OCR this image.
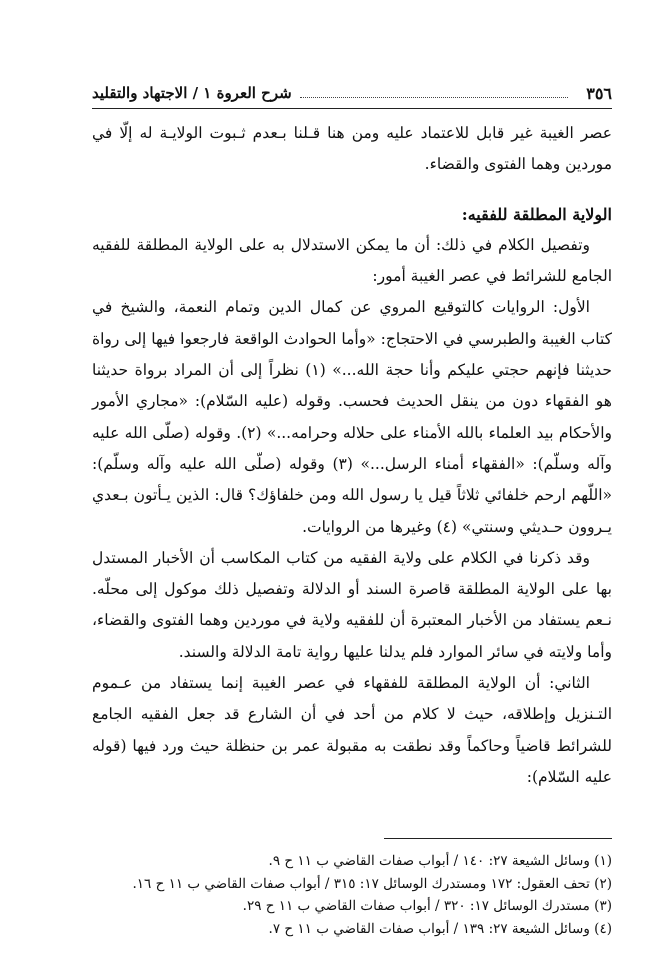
٣٥٦
شرح العروة ١ / الاجتهاد والتقليد

عصر الغيبة غير قابل للاعتماد عليه ومن هنا قـلنا بـعدم ثـبوت الولايـة له إلّا في موردين وهما الفتوى والقضاء.

الولاية المطلقة للفقيه:

وتفصيل الكلام في ذلك: أن ما يمكن الاستدلال به على الولاية المطلقة للفقيه الجامع للشرائط في عصر الغيبة أمور:

الأول: الروايات كالتوقيع المروي عن كمال الدين وتمام النعمة، والشيخ في كتاب الغيبة والطبرسي في الاحتجاج: «وأما الحوادث الواقعة فارجعوا فيها إلى رواة حديثنا فإنهم حجتي عليكم وأنا حجة الله...» (١) نظراً إلى أن المراد برواة حديثنا هو الفقهاء دون من ينقل الحديث فحسب. وقوله (عليه السّلام): «مجاري الأمور والأحكام بيد العلماء بالله الأمناء على حلاله وحرامه...» (٢). وقوله (صلّى الله عليه وآله وسلّم): «الفقهاء أمناء الرسل...» (٣) وقوله (صلّى الله عليه وآله وسلّم): «اللّهم ارحم خلفائي ثلاثاً قيل يا رسول الله ومن خلفاؤك؟ قال: الذين يـأتون بـعدي يـروون حـديثي وسنتي» (٤) وغيرها من الروايات.

وقد ذكرنا في الكلام على ولاية الفقيه من كتاب المكاسب أن الأخبار المستدل بها على الولاية المطلقة قاصرة السند أو الدلالة وتفصيل ذلك موكول إلى محلّه. نـعم يستفاد من الأخبار المعتبرة أن للفقيه ولاية في موردين وهما الفتوى والقضاء، وأما ولايته في سائر الموارد فلم يدلنا عليها رواية تامة الدلالة والسند.

الثاني: أن الولاية المطلقة للفقهاء في عصر الغيبة إنما يستفاد من عـموم التـنزيل وإطلاقه، حيث لا كلام من أحد في أن الشارع قد جعل الفقيه الجامع للشرائط قاضياً وحاكماً وقد نطقت به مقبولة عمر بن حنظلة حيث ورد فيها (قوله عليه السّلام):

(١) وسائل الشيعة ٢٧: ١٤٠ / أبواب صفات القاضي ب ١١ ح ٩.
(٢) تحف العقول: ١٧٢ ومستدرك الوسائل ١٧: ٣١٥ / أبواب صفات القاضي ب ١١ ح ١٦.
(٣) مستدرك الوسائل ١٧: ٣٢٠ / أبواب صفات القاضي ب ١١ ح ٢٩.
(٤) وسائل الشيعة ٢٧: ١٣٩ / أبواب صفات القاضي ب ١١ ح ٧.
